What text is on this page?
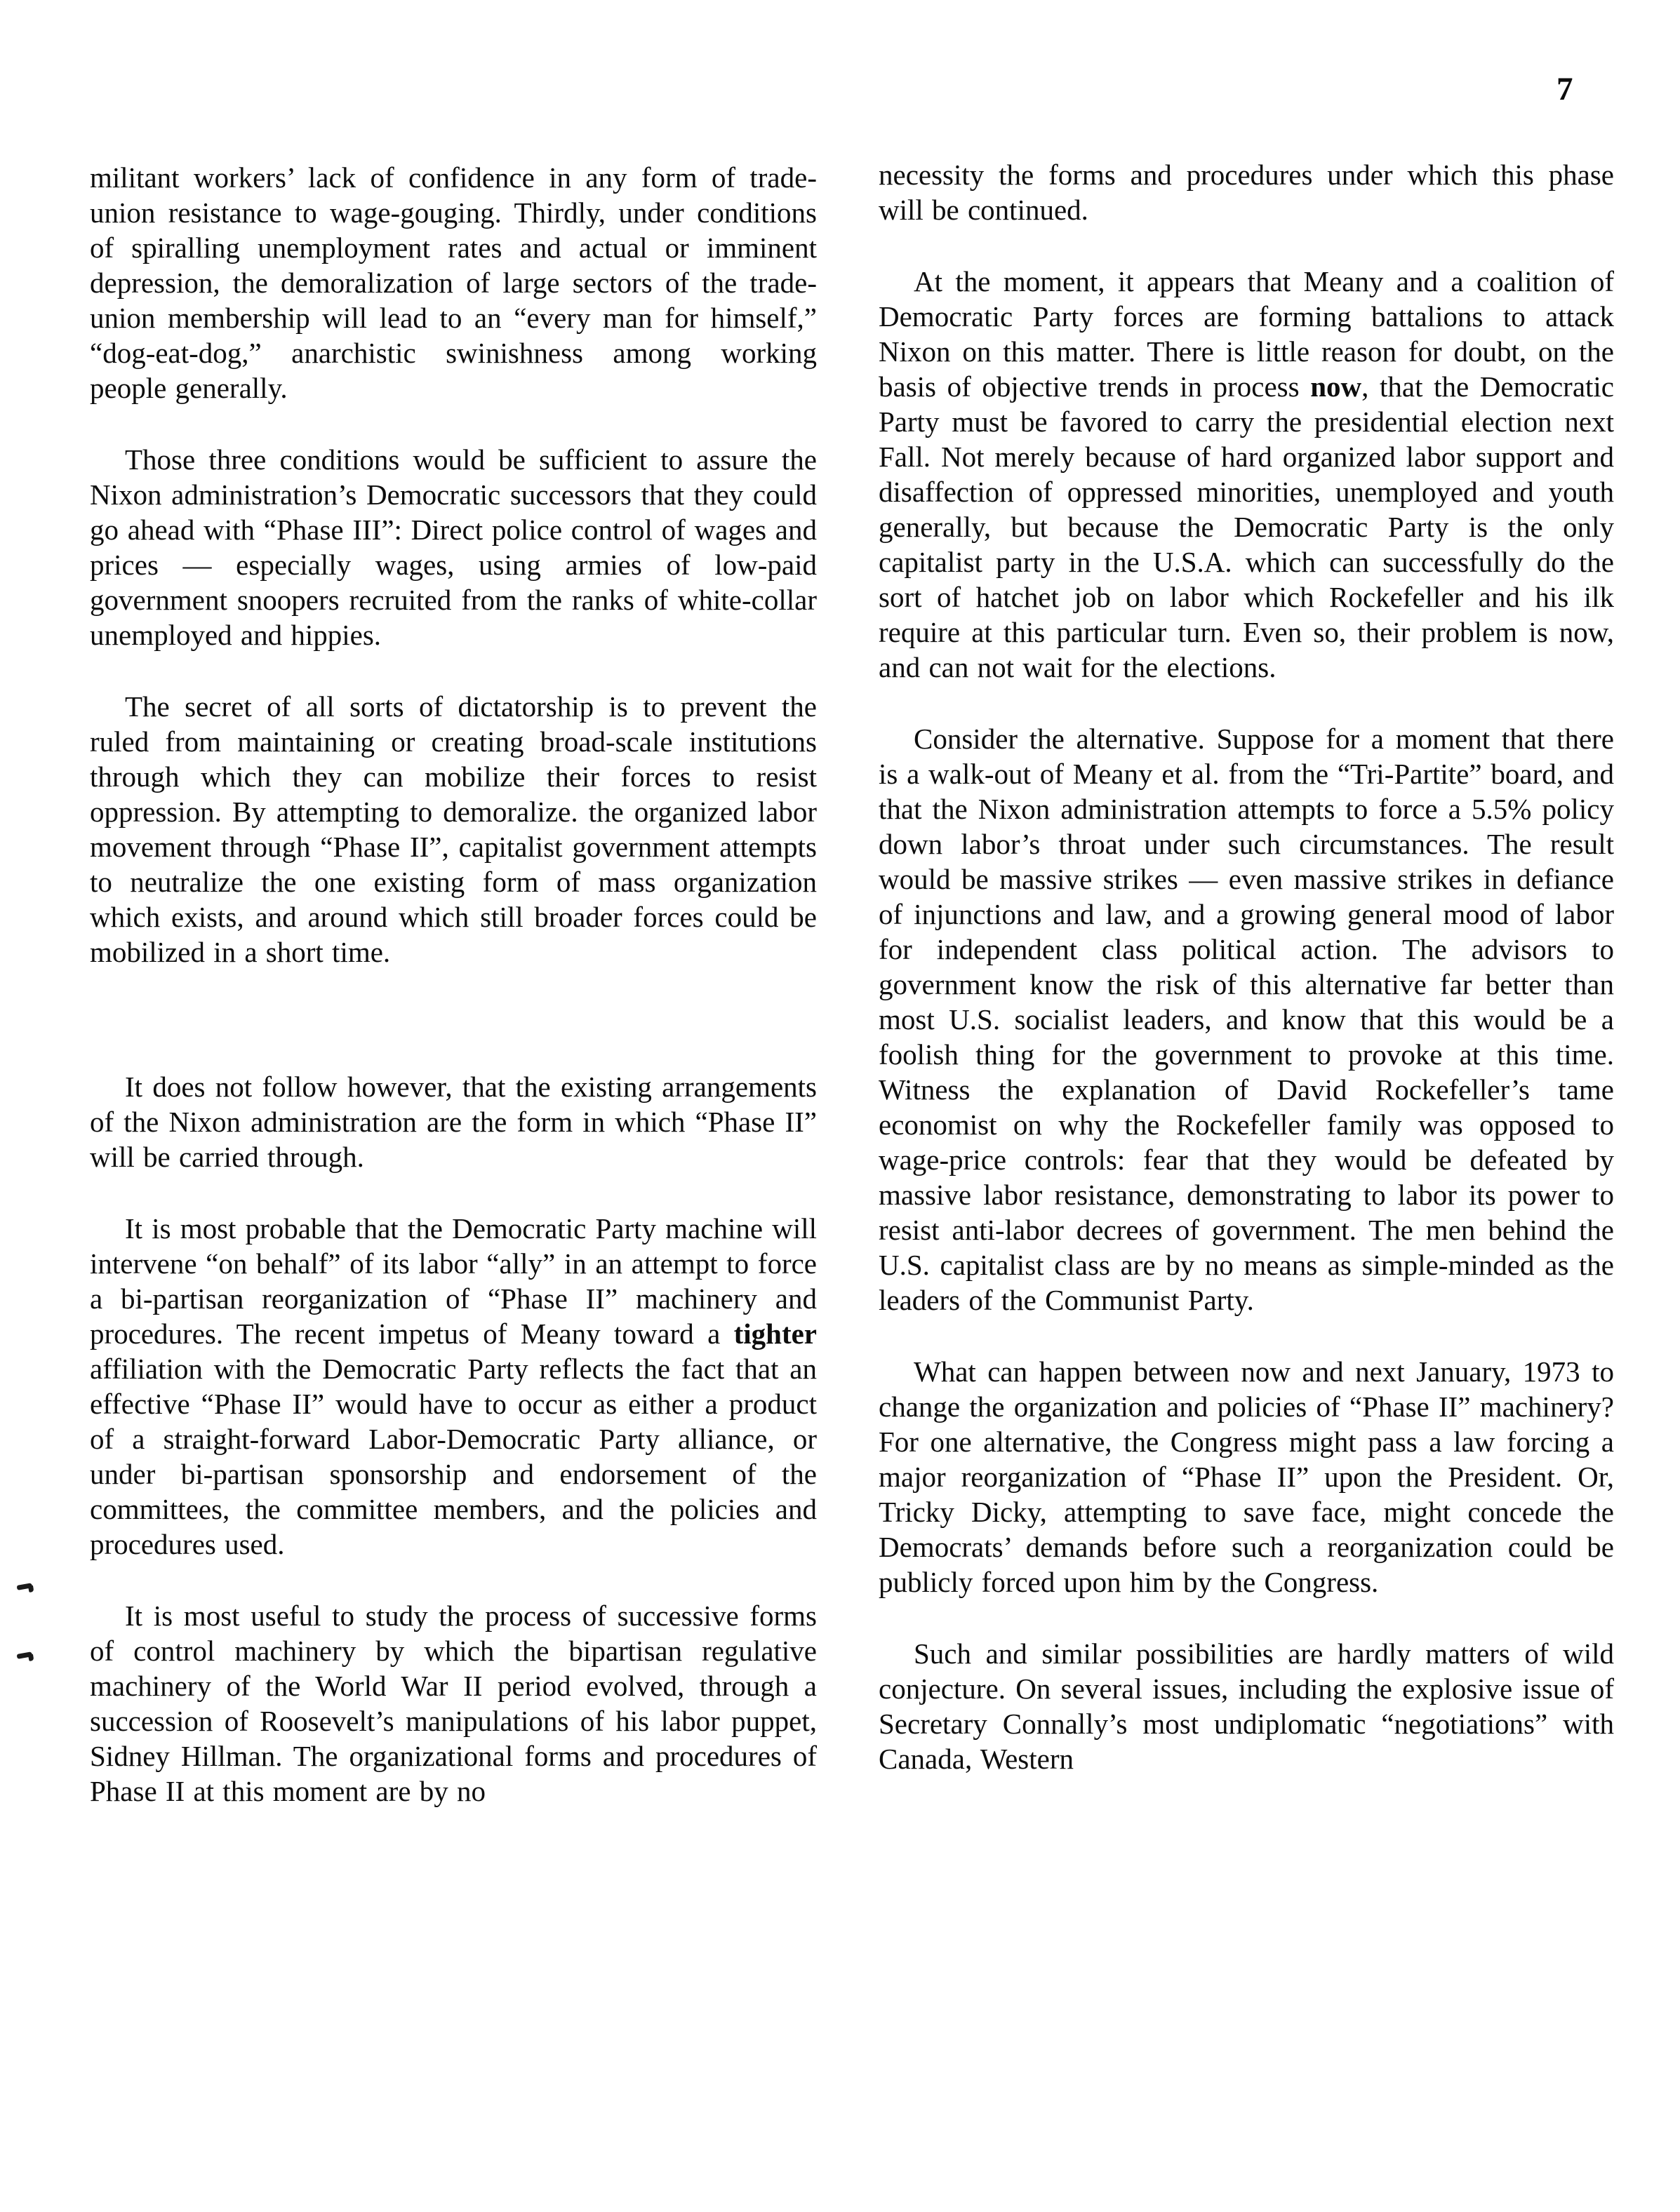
7

militant workers’ lack of confidence in any form of trade-union resistance to wage-gouging. Thirdly, under conditions of spiralling unemployment rates and actual or imminent depression, the demoralization of large sectors of the trade-union membership will lead to an “every man for himself,” “dog-eat-dog,” anarchistic swinishness among working people generally.

Those three conditions would be sufficient to assure the Nixon administration’s Democratic successors that they could go ahead with “Phase III”: Direct police control of wages and prices — especially wages, using armies of low-paid government snoopers recruited from the ranks of white-collar unemployed and hippies.

The secret of all sorts of dictatorship is to prevent the ruled from maintaining or creating broad-scale institutions through which they can mobilize their forces to resist oppression. By attempting to demoralize. the organized labor movement through “Phase II”, capitalist government attempts to neutralize the one existing form of mass organization which exists, and around which still broader forces could be mobilized in a short time.

It does not follow however, that the existing arrangements of the Nixon administration are the form in which “Phase II” will be carried through.

It is most probable that the Democratic Party machine will intervene “on behalf” of its labor “ally” in an attempt to force a bi-partisan reorganization of “Phase II” machinery and procedures. The recent impetus of Meany toward a tighter affiliation with the Democratic Party reflects the fact that an effective “Phase II” would have to occur as either a product of a straight-forward Labor-Democratic Party alliance, or under bi-partisan sponsorship and endorsement of the committees, the committee members, and the policies and procedures used.

It is most useful to study the process of successive forms of control machinery by which the bipartisan regulative machinery of the World War II period evolved, through a succession of Roosevelt’s manipulations of his labor puppet, Sidney Hillman. The organizational forms and procedures of Phase II at this moment are by no

necessity the forms and procedures under which this phase will be continued.

At the moment, it appears that Meany and a coalition of Democratic Party forces are forming battalions to attack Nixon on this matter. There is little reason for doubt, on the basis of objective trends in process now, that the Democratic Party must be favored to carry the presidential election next Fall. Not merely because of hard organized labor support and disaffection of oppressed minorities, unemployed and youth generally, but because the Democratic Party is the only capitalist party in the U.S.A. which can successfully do the sort of hatchet job on labor which Rockefeller and his ilk require at this particular turn. Even so, their problem is now, and can not wait for the elections.

Consider the alternative. Suppose for a moment that there is a walk-out of Meany et al. from the “Tri-Partite” board, and that the Nixon administration attempts to force a 5.5% policy down labor’s throat under such circumstances. The result would be massive strikes — even massive strikes in defiance of injunctions and law, and a growing general mood of labor for independent class political action. The advisors to government know the risk of this alternative far better than most U.S. socialist leaders, and know that this would be a foolish thing for the government to provoke at this time. Witness the explanation of David Rockefeller’s tame economist on why the Rockefeller family was opposed to wage-price controls: fear that they would be defeated by massive labor resistance, demonstrating to labor its power to resist anti-labor decrees of government. The men behind the U.S. capitalist class are by no means as simple-minded as the leaders of the Communist Party.

What can happen between now and next January, 1973 to change the organization and policies of “Phase II” machinery? For one alternative, the Congress might pass a law forcing a major reorganization of “Phase II” upon the President. Or, Tricky Dicky, attempting to save face, might concede the Democrats’ demands before such a reorganization could be publicly forced upon him by the Congress.

Such and similar possibilities are hardly matters of wild conjecture. On several issues, including the explosive issue of Secretary Connally’s most undiplomatic “negotiations” with Canada, Western
